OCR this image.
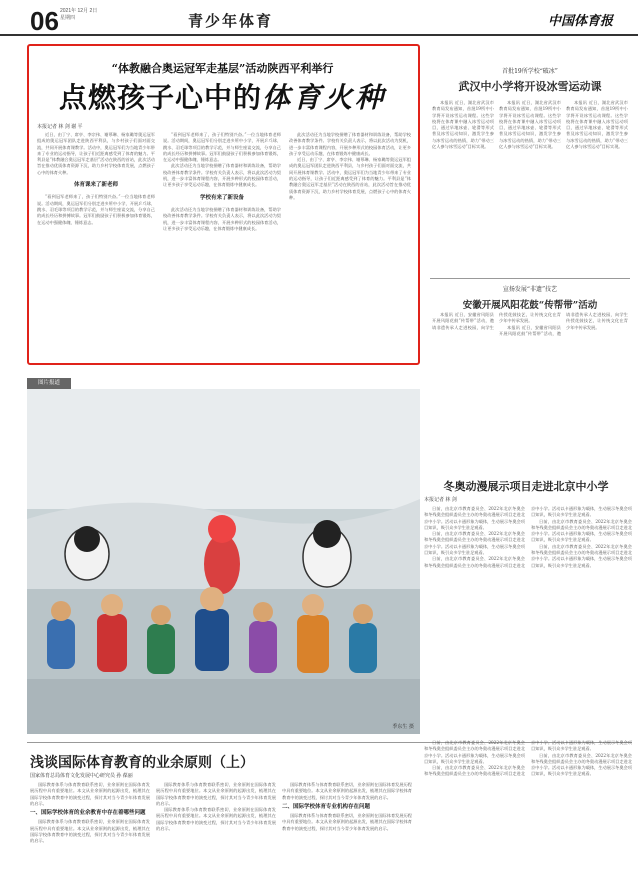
06 2021年 12月 2日
星期四	青少年体育	中国体育报
“体教融合奥运冠军走基层”活动陕西平利举行
点燃孩子心中的体育火种
本报记者 林 剑 谢 平

近日，由丁宁、席亭、李宗伟、谢慕琳、杨家璐等奥运冠军组成的奥运冠军团队走进陕西平利县，与乡村孩子们面对面交流，共同开展体育课教学。活动中，奥运冠军们为当地青少年带来了专业的运动指导，让孩子们近距离感受到了体育的魅力。平利县是“体教融合奥运冠军走基层”活动在陕西的首站，此次活动旨在推动优质体育资源下沉，助力乡村学校体育发展，点燃孩子心中的体育火种。

体育课来了新老师

“看到冠军老师来了，孩子们特别兴奋。”一位当地体育老师说。活动期间，奥运冠军们分别走进多所中小学，开展乒乓球、跳水、羽毛球等项目的教学示范，并与师生座谈交流，分享自己的成长经历和拼搏故事。冠军们鼓励孩子们积极参加体育锻炼，在运动中强健体魄、锤炼意志。

“看到冠军老师来了，孩子们特别兴奋。”一位当地体育老师说。活动期间，奥运冠军们分别走进多所中小学，开展乒乓球、跳水、羽毛球等项目的教学示范，并与师生座谈交流，分享自己的成长经历和拼搏故事。冠军们鼓励孩子们积极参加体育锻炼，在运动中强健体魄、锤炼意志。

此次活动还为当地学校捐赠了体育器材和训练设备，帮助学校改善体育教学条件。学校有关负责人表示，将以此次活动为契机，进一步丰富体育课程内容，开展多种形式的校园体育活动，让更多孩子享受运动乐趣，在体育锻炼中健康成长。

学校有来了新设备

此次活动还为当地学校捐赠了体育器材和训练设备，帮助学校改善体育教学条件。学校有关负责人表示，将以此次活动为契机，进一步丰富体育课程内容，开展多种形式的校园体育活动，让更多孩子享受运动乐趣，在体育锻炼中健康成长。

此次活动还为当地学校捐赠了体育器材和训练设备，帮助学校改善体育教学条件。学校有关负责人表示，将以此次活动为契机，进一步丰富体育课程内容，开展多种形式的校园体育活动，让更多孩子享受运动乐趣，在体育锻炼中健康成长。

近日，由丁宁、席亭、李宗伟、谢慕琳、杨家璐等奥运冠军组成的奥运冠军团队走进陕西平利县，与乡村孩子们面对面交流，共同开展体育课教学。活动中，奥运冠军们为当地青少年带来了专业的运动指导，让孩子们近距离感受到了体育的魅力。平利县是“体教融合奥运冠军走基层”活动在陕西的首站，此次活动旨在推动优质体育资源下沉，助力乡村学校体育发展，点燃孩子心中的体育火种。

首批19所学校“破冰”
武汉中小学将开设冰雪运动课

本报讯 近日，湖北省武汉市教育局发布通知，首批19所中小学将开设冰雪运动课程。这些学校将在体育课中融入冰雪运动项目，通过旱地冰壶、轮滑等形式普及冰雪运动知识，激发学生参与冰雪运动的热情，助力“带动三亿人参与冰雪运动”目标实现。

本报讯 近日，湖北省武汉市教育局发布通知，首批19所中小学将开设冰雪运动课程。这些学校将在体育课中融入冰雪运动项目，通过旱地冰壶、轮滑等形式普及冰雪运动知识，激发学生参与冰雪运动的热情，助力“带动三亿人参与冰雪运动”目标实现。

本报讯 近日，湖北省武汉市教育局发布通知，首批19所中小学将开设冰雪运动课程。这些学校将在体育课中融入冰雪运动项目，通过旱地冰壶、轮滑等形式普及冰雪运动知识，激发学生参与冰雪运动的热情，助力“带动三亿人参与冰雪运动”目标实现。

宣扬发展“非遗”技艺
安徽开展风阳花鼓“传帮带”活动

本报讯 近日，安徽省风阳县开展风阳花鼓“传帮带”活动，邀请非遗传承人走进校园，向学生传授花鼓技艺，让传统文化在青少年中传承发展。

本报讯 近日，安徽省风阳县开展风阳花鼓“传帮带”活动，邀请非遗传承人走进校园，向学生传授花鼓技艺，让传统文化在青少年中传承发展。

图片报道
季东生 摄
冬奥动漫展示项目走进北京中小学
本报记者 林 剑

日前，由北京市教育委员会、2022年北京冬奥会和冬残奥会组织委员会主办的冬奥动漫展示项目走进北京中小学。活动以卡通形象为载体，生动展示冬奥会项目知识，吸引众多学生驻足观看。

日前，由北京市教育委员会、2022年北京冬奥会和冬残奥会组织委员会主办的冬奥动漫展示项目走进北京中小学。活动以卡通形象为载体，生动展示冬奥会项目知识，吸引众多学生驻足观看。

日前，由北京市教育委员会、2022年北京冬奥会和冬残奥会组织委员会主办的冬奥动漫展示项目走进北京中小学。活动以卡通形象为载体，生动展示冬奥会项目知识，吸引众多学生驻足观看。

日前，由北京市教育委员会、2022年北京冬奥会和冬残奥会组织委员会主办的冬奥动漫展示项目走进北京中小学。活动以卡通形象为载体，生动展示冬奥会项目知识，吸引众多学生驻足观看。

日前，由北京市教育委员会、2022年北京冬奥会和冬残奥会组织委员会主办的冬奥动漫展示项目走进北京中小学。活动以卡通形象为载体，生动展示冬奥会项目知识，吸引众多学生驻足观看。

浅谈国际体育教育的业余原则（上）
国家体育总局体育文化发展中心研究员 孙 葆丽

国际教育体系与体育教育联系密切，业余原则在国际体育发展历程中具有重要地位。本文从业余原则的起源出发，梳理其在国际学校体育教育中的演变过程，探讨其对当今青少年体育发展的启示。

一、国际学校体育的业余教育中存在着哪些问题

国际教育体系与体育教育联系密切，业余原则在国际体育发展历程中具有重要地位。本文从业余原则的起源出发，梳理其在国际学校体育教育中的演变过程，探讨其对当今青少年体育发展的启示。

国际教育体系与体育教育联系密切，业余原则在国际体育发展历程中具有重要地位。本文从业余原则的起源出发，梳理其在国际学校体育教育中的演变过程，探讨其对当今青少年体育发展的启示。

国际教育体系与体育教育联系密切，业余原则在国际体育发展历程中具有重要地位。本文从业余原则的起源出发，梳理其在国际学校体育教育中的演变过程，探讨其对当今青少年体育发展的启示。

国际教育体系与体育教育联系密切，业余原则在国际体育发展历程中具有重要地位。本文从业余原则的起源出发，梳理其在国际学校体育教育中的演变过程，探讨其对当今青少年体育发展的启示。

二、国际学校体育专业机构存在问题

国际教育体系与体育教育联系密切，业余原则在国际体育发展历程中具有重要地位。本文从业余原则的起源出发，梳理其在国际学校体育教育中的演变过程，探讨其对当今青少年体育发展的启示。

日前，由北京市教育委员会、2022年北京冬奥会和冬残奥会组织委员会主办的冬奥动漫展示项目走进北京中小学。活动以卡通形象为载体，生动展示冬奥会项目知识，吸引众多学生驻足观看。

日前，由北京市教育委员会、2022年北京冬奥会和冬残奥会组织委员会主办的冬奥动漫展示项目走进北京中小学。活动以卡通形象为载体，生动展示冬奥会项目知识，吸引众多学生驻足观看。

日前，由北京市教育委员会、2022年北京冬奥会和冬残奥会组织委员会主办的冬奥动漫展示项目走进北京中小学。活动以卡通形象为载体，生动展示冬奥会项目知识，吸引众多学生驻足观看。
